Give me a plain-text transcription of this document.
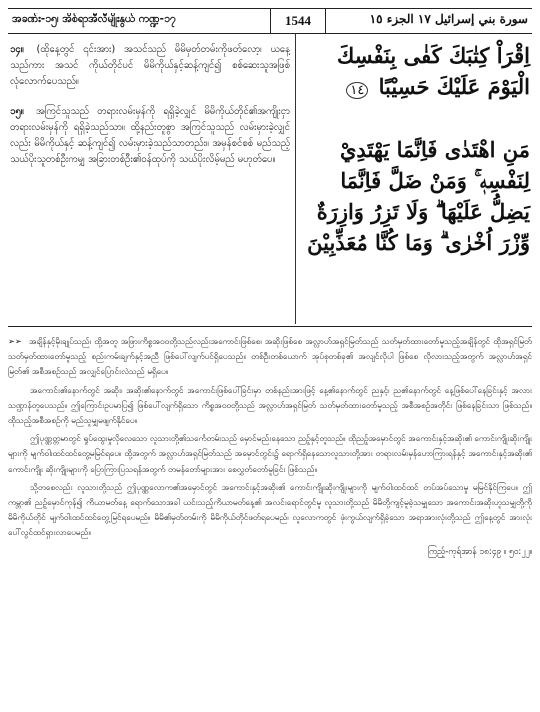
အခဏ်း-၁၅၊ အိစ်ရာအီလီမျိုးနွယ် ကဏ္ဍ-၁၇	1544	سورة بني إسرائيل ١٧ الجزء ١٥

၁၄။ (ထိုနေ့တွင် ၎င်းအား) အသင်သည် မိမိမှတ်တမ်းကိုဖတ်လော့၊ ယနေ့သည်ကား အသင် ကိုယ်တိုင်ပင် မိမိကိုယ်နှင့်ဆန့်ကျင်၍ စစ်ဆေးသူအဖြစ် လုံလောက်ပေသည်။

၁၅။ အကြင်သူသည် တရားလမ်းမှန်ကို ရရှိခဲ့လျှင် မိမိကိုယ်တိုင်၏အကျိုးငှာ တရားလမ်းမှန်ကို ရရှိခဲ့သည်သာ။ ထို့နည်းတူစွာ အကြင်သူသည် လမ်းမှားခဲ့လျှင်လည်း မိမိကိုယ်နှင့် ဆန့်ကျင်၍ လမ်းမှားခဲ့သည်သာတည်း။ အမှန်စင်စစ် မည်သည့် သယ်ပိုးသူတစ်ဦးကမျှ အခြားတစ်ဦး၏ဝန်ထုပ်ကို သယ်ပိုးလိမ့်မည် မဟုတ်ပေ။

اِقْرَاْ كِتٰبَكَ كَفٰى بِنَفْسِكَ الْيَوْمَ عَلَيْكَ حَسِيْبًا ١٤

مَنِ اهْتَدٰى فَاِنَّمَا يَهْتَدِيْ لِنَفْسِهٖ ۚ وَمَنْ ضَلَّ فَاِنَّمَا يَضِلُّ عَلَيْهَا ۗ وَلَا تَزِرُ وَازِرَةٌ وِّزْرَ اُخْرٰى ۗ وَمَا كُنَّا مُعَذِّبِيْنَ

➢➢ အချိန်နှင့်မိုးချုပ်သည်၊ ထို့အတူ အဖြားကိစ္စအဝဝတို့သည်လည်းအကောင်းဖြစ်စေ၊ အဆိုးဖြစ်စေ အလ္လာဟ်အရှင်မြတ်သည် သတ်မှတ်ထားတော်မူသည့်အချိန်တွင် ထိုအရှင်မြတ် သတ်မှတ်ထားတော်မူသည့် စည်းကမ်းချက်နှင့်အညီ ဖြစ်ပေါ်လျက်ပင်ရှိပေသည်။ တစ်ဦးတစ်ယောက် အုပ်စုတစ်ခု၏ အလျင်လိုပါ ဖြစ်စေ လိုလားသည့်အတွက် အလ္လာဟ်အရှင်မြတ်၏ အစီအစဉ်သည် အလျှင်ပြောင်းလဲသည် မရှိပေ။

အကောင်း၏နောက်တွင် အဆိုး၊ အဆိုး၏နောက်တွင် အကောင်းဖြစ်ပေါ်ခြင်းမှာ တစ်နည်းအားဖြင့် နေ့၏နောက်တွင် ညနှင့်၊ ည၏နောက်တွင် နေ့ဖြစ်ပေါ်နေခြင်းနှင့် အလားသဏ္ဌာန်တူပေသည်။ ဤကြောင်းဥပမာပြ၍ ဖြစ်ပေါ်လျက်ရှိသော ကိစ္စအဝဝတို့သည် အလ္လာဟ်အရှင်မြတ် သတ်မှတ်ထားတော်မူသည့် အစီအစဉ်အတိုင်း ဖြစ်နေခြင်းသာ ဖြစ်သည်။ ထိုသည့်အစီအစဉ်ကို မည်သူမျှမဖျက်နိုင်ပေ။

ဤပုဏ္ဏတ္တမာတွင် ရှုပ်ထွေးမှုလိုလေသော လူသားတို့၏သင်္ကေတမ်းသည် မှောင်မည်းနေသော ညဉ့်နှင့်တူသည်။ ထိုညဉ့်အမှောင်တွင် အကောင်းနှင့်အဆိုး၏ ကောင်းကျိုးဆိုးကျိုးများကို မျက်ဝါးထင်ထင်တွေ့မမြင်ရပေ။ ထို့အတွက် အလ္လာဟ်အရှင်မြတ်သည် အမှောင်တွင်း၌ ရောက်ရှိနေသောလူသားတို့အား တရားလမ်းမှန်ဟောကြားရန်နှင့် အကောင်းနှင့်အဆိုး၏ ကောင်းကျိုး ဆိုးကျိုးများကို ပြောကြားပြသရန်အတွက် တမန်တော်များအား စေလွှတ်တော်မူခြင်း ဖြစ်သည်။

သို့တစေလည်း လူသားတို့သည် ဤပုဏ္ဏလောက၏အမှောင်တွင် အကောင်းနှင့်အဆိုး၏ ကောင်းကျိုးဆိုးကျိုးများကို မျက်ဝါးထင်ထင် တပ်အပ်သောမှု မမြင်နိုင်ကြပေ။ ဤကမ္ဘာ၏ ညဉ့်မှောင်ကုန်၍ ကိယာမတ်နေ့ ရောက်သောအခါ ယင်းသည့်ကိယာမတ်နေ့၏ အလင်းရောင်တွင်မူ လူသားတို့သည် မိမိတို့ကျင့်မူခဲ့သမျှသော အကောင်းအဆိုးဟူသမျှတို့ကို မိမိကိုယ်တိုင် မျက်ဝါးထင်ထင်တွေ့မြင်ရပေမည်။ မိမိ၏မှတ်တမ်းကို မိမိကိုယ်တိုင်ဖတ်ရပေမည်၊ လူလောကတွင် ဖုံးကွယ်လျက်ရှိခဲ့သော အရာအားလုံးတို့သည် ဤနေ့တွင် အားလုံး ပေါ်လွင်ထင်ရှားလာပေမည်။

ကြည့်-ကုရ်အာန် ၁၈:၄၉ ။ ၅၀:၂၂။
